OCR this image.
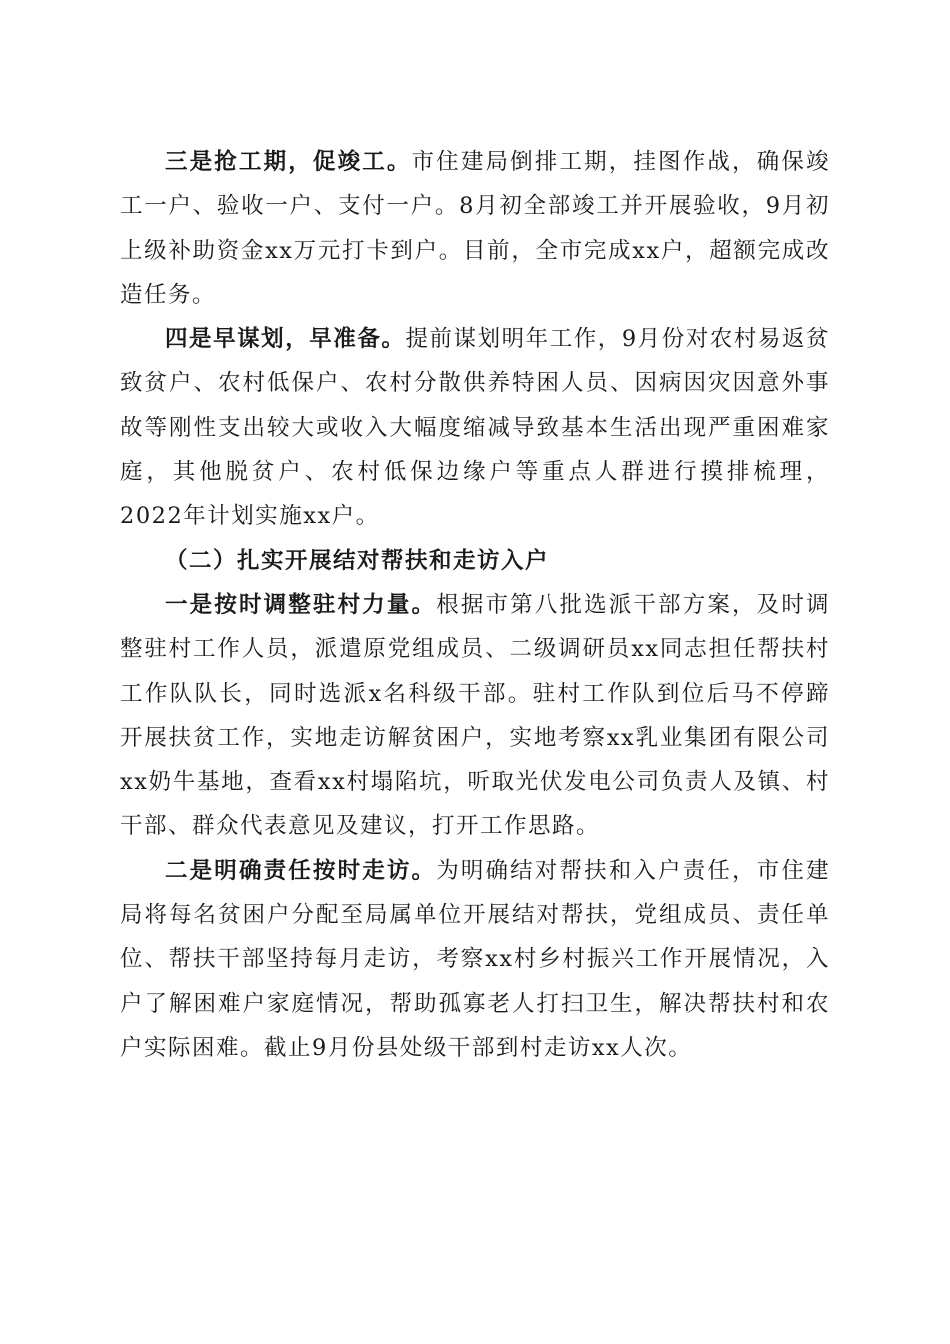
三是抢工期，促竣工。市住建局倒排工期，挂图作战，确保竣工一户、验收一户、支付一户。8月初全部竣工并开展验收，9月初上级补助资金xx万元打卡到户。目前，全市完成xx户，超额完成改造任务。

四是早谋划，早准备。提前谋划明年工作，9月份对农村易返贫致贫户、农村低保户、农村分散供养特困人员、因病因灾因意外事故等刚性支出较大或收入大幅度缩减导致基本生活出现严重困难家庭，其他脱贫户、农村低保边缘户等重点人群进行摸排梳理，2022年计划实施xx户。

（二）扎实开展结对帮扶和走访入户

一是按时调整驻村力量。根据市第八批选派干部方案，及时调整驻村工作人员，派遣原党组成员、二级调研员xx同志担任帮扶村工作队队长，同时选派x名科级干部。驻村工作队到位后马不停蹄开展扶贫工作，实地走访解贫困户，实地考察xx乳业集团有限公司xx奶牛基地，查看xx村塌陷坑，听取光伏发电公司负责人及镇、村干部、群众代表意见及建议，打开工作思路。

二是明确责任按时走访。为明确结对帮扶和入户责任，市住建局将每名贫困户分配至局属单位开展结对帮扶，党组成员、责任单位、帮扶干部坚持每月走访，考察xx村乡村振兴工作开展情况，入户了解困难户家庭情况，帮助孤寡老人打扫卫生，解决帮扶村和农户实际困难。截止9月份县处级干部到村走访xx人次。
